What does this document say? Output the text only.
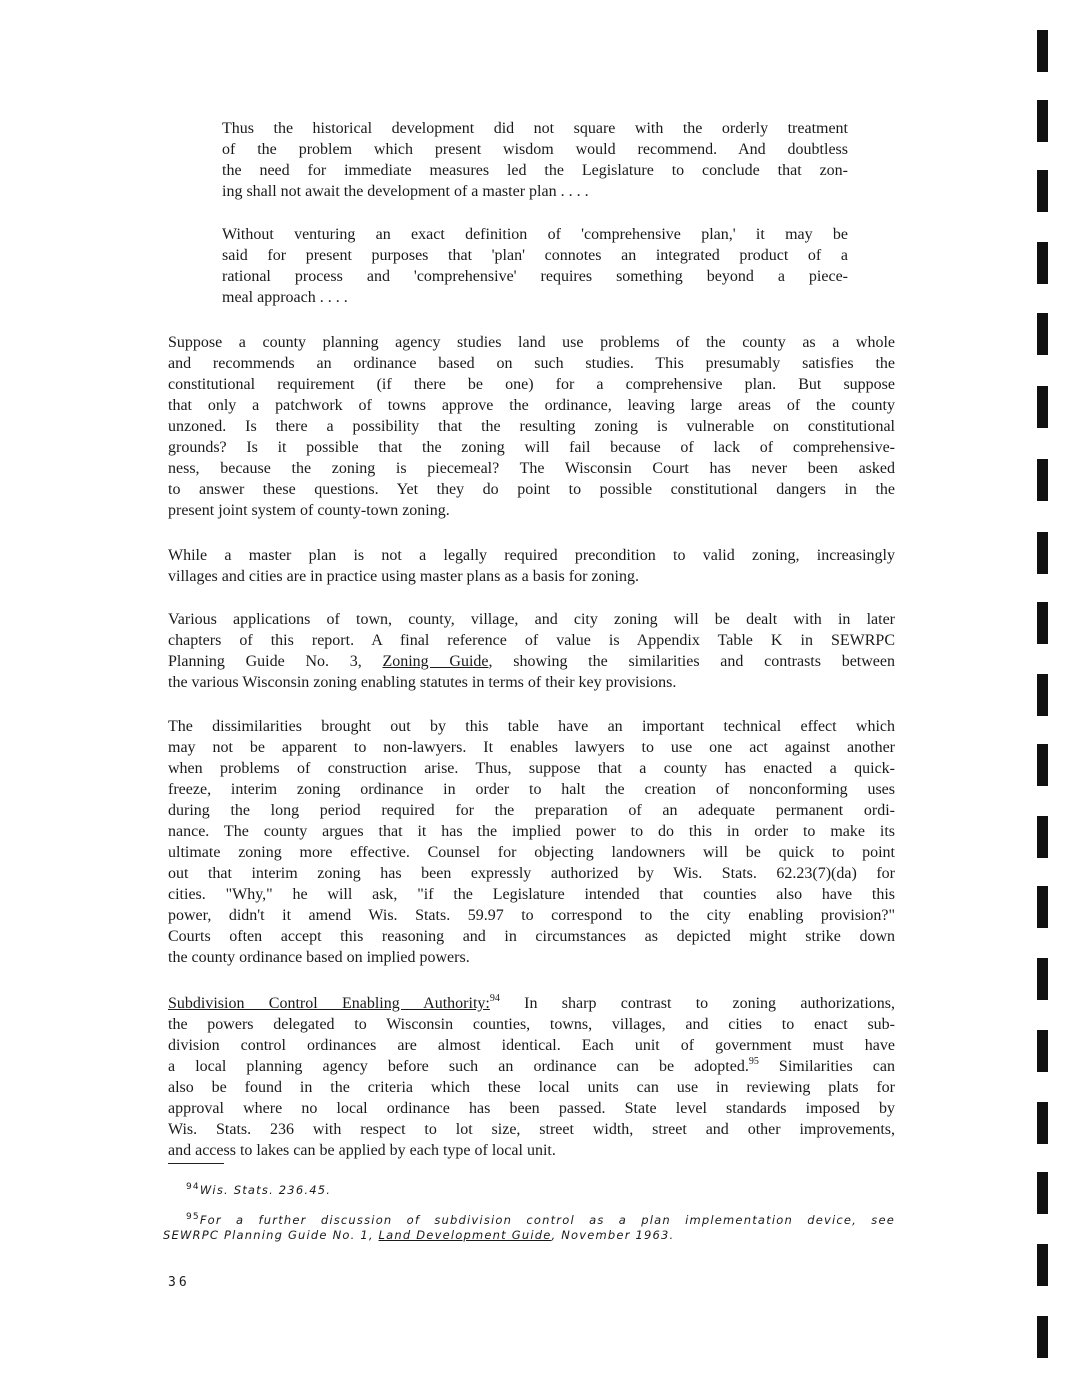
Thus the historical development did not square with the orderly treatment
of the problem which present wisdom would recommend. And doubtless
the need for immediate measures led the Legislature to conclude that zon-
ing shall not await the development of a master plan . . . .
Without venturing an exact definition of 'comprehensive plan,' it may be
said for present purposes that 'plan' connotes an integrated product of a
rational process and 'comprehensive' requires something beyond a piece-
meal approach . . . .
Suppose a county planning agency studies land use problems of the county as a whole
and recommends an ordinance based on such studies. This presumably satisfies the
constitutional requirement (if there be one) for a comprehensive plan. But suppose
that only a patchwork of towns approve the ordinance, leaving large areas of the county
unzoned. Is there a possibility that the resulting zoning is vulnerable on constitutional
grounds? Is it possible that the zoning will fail because of lack of comprehensive-
ness, because the zoning is piecemeal? The Wisconsin Court has never been asked
to answer these questions. Yet they do point to possible constitutional dangers in the
present joint system of county-town zoning.
While a master plan is not a legally required precondition to valid zoning, increasingly
villages and cities are in practice using master plans as a basis for zoning.
Various applications of town, county, village, and city zoning will be dealt with in later
chapters of this report. A final reference of value is Appendix Table K in SEWRPC
Planning Guide No. 3, Zoning Guide, showing the similarities and contrasts between
the various Wisconsin zoning enabling statutes in terms of their key provisions.
The dissimilarities brought out by this table have an important technical effect which
may not be apparent to non-lawyers. It enables lawyers to use one act against another
when problems of construction arise. Thus, suppose that a county has enacted a quick-
freeze, interim zoning ordinance in order to halt the creation of nonconforming uses
during the long period required for the preparation of an adequate permanent ordi-
nance. The county argues that it has the implied power to do this in order to make its
ultimate zoning more effective. Counsel for objecting landowners will be quick to point
out that interim zoning has been expressly authorized by Wis. Stats. 62.23(7)(da) for
cities. "Why," he will ask, "if the Legislature intended that counties also have this
power, didn't it amend Wis. Stats. 59.97 to correspond to the city enabling provision?"
Courts often accept this reasoning and in circumstances as depicted might strike down
the county ordinance based on implied powers.
Subdivision Control Enabling Authority:$^{94}$ In sharp contrast to zoning authorizations,
the powers delegated to Wisconsin counties, towns, villages, and cities to enact sub-
division control ordinances are almost identical. Each unit of government must have
a local planning agency before such an ordinance can be adopted.$^{95}$ Similarities can
also be found in the criteria which these local units can use in reviewing plats for
approval where no local ordinance has been passed. State level standards imposed by
Wis. Stats. 236 with respect to lot size, street width, street and other improvements,
and access to lakes can be applied by each type of local unit.
$^{94}$Wis. Stats. 236.45.
$^{95}$For a further discussion of subdivision control as a plan implementation device, see
SEWRPC Planning Guide No. 1, Land Development Guide, November 1963.
36
